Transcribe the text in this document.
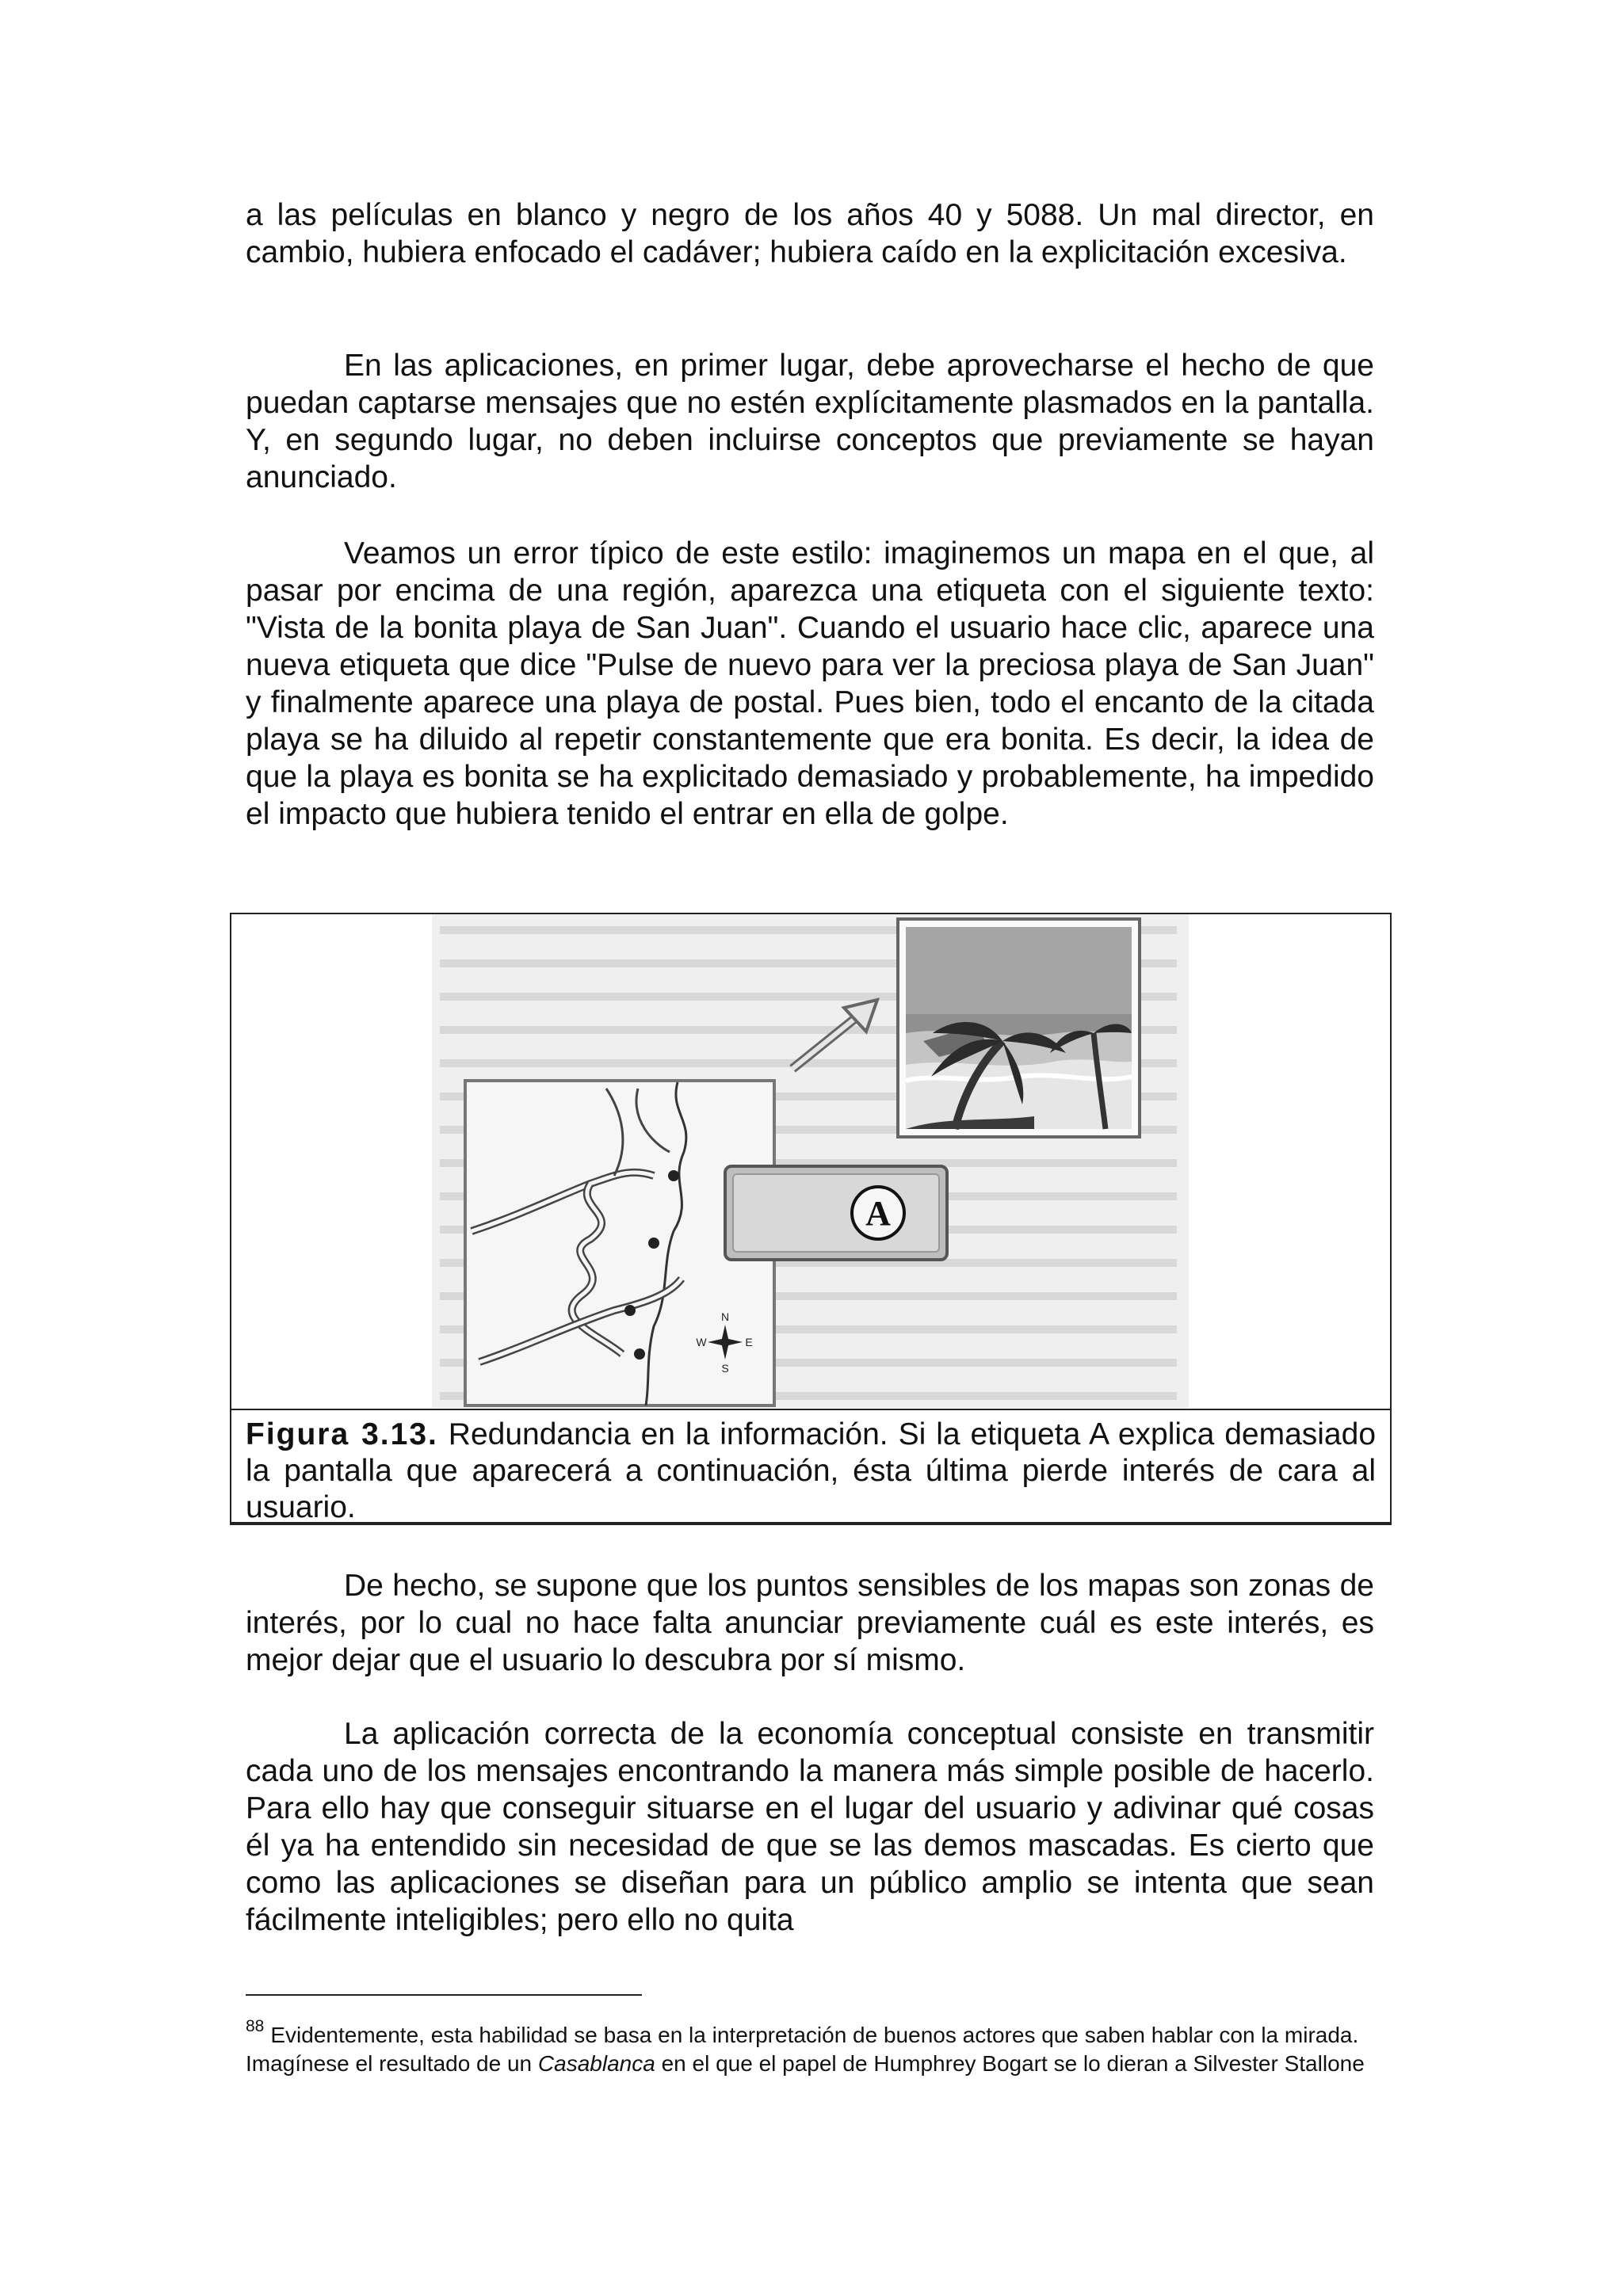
a las películas en blanco y negro de los años 40 y 5088. Un mal director, en cambio, hubiera enfocado el cadáver; hubiera caído en la explicitación excesiva.

En las aplicaciones, en primer lugar, debe aprovecharse el hecho de que puedan captarse mensajes que no estén explícitamente plasmados en la pantalla. Y, en segundo lugar, no deben incluirse conceptos que previamente se hayan anunciado.

Veamos un error típico de este estilo: imaginemos un mapa en el que, al pasar por encima de una región, aparezca una etiqueta con el siguiente texto: "Vista de la bonita playa de San Juan". Cuando el usuario hace clic, aparece una nueva etiqueta que dice "Pulse de nuevo para ver la preciosa playa de San Juan" y finalmente aparece una playa de postal. Pues bien, todo el encanto de la citada playa se ha diluido al repetir constantemente que era bonita. Es decir, la idea de que la playa es bonita se ha explicitado demasiado y probablemente, ha impedido el impacto que hubiera tenido el entrar en ella de golpe.

N
S
E
W
A
Figura 3.13. Redundancia en la información. Si la etiqueta A explica demasiado la pantalla que aparecerá a continuación, ésta última pierde interés de cara al usuario.

De hecho, se supone que los puntos sensibles de los mapas son zonas de interés, por lo cual no hace falta anunciar previamente cuál es este interés, es mejor dejar que el usuario lo descubra por sí mismo.

La aplicación correcta de la economía conceptual consiste en transmitir cada uno de los mensajes encontrando la manera más simple posible de hacerlo. Para ello hay que conseguir situarse en el lugar del usuario y adivinar qué cosas él ya ha entendido sin necesidad de que se las demos mascadas. Es cierto que como las aplicaciones se diseñan para un público amplio se intenta que sean fácilmente inteligibles; pero ello no quita

$^{88}$ Evidentemente, esta habilidad se basa en la interpretación de buenos actores que saben hablar con la mirada. Imagínese el resultado de un Casablanca en el que el papel de Humphrey Bogart se lo dieran a Silvester Stallone
